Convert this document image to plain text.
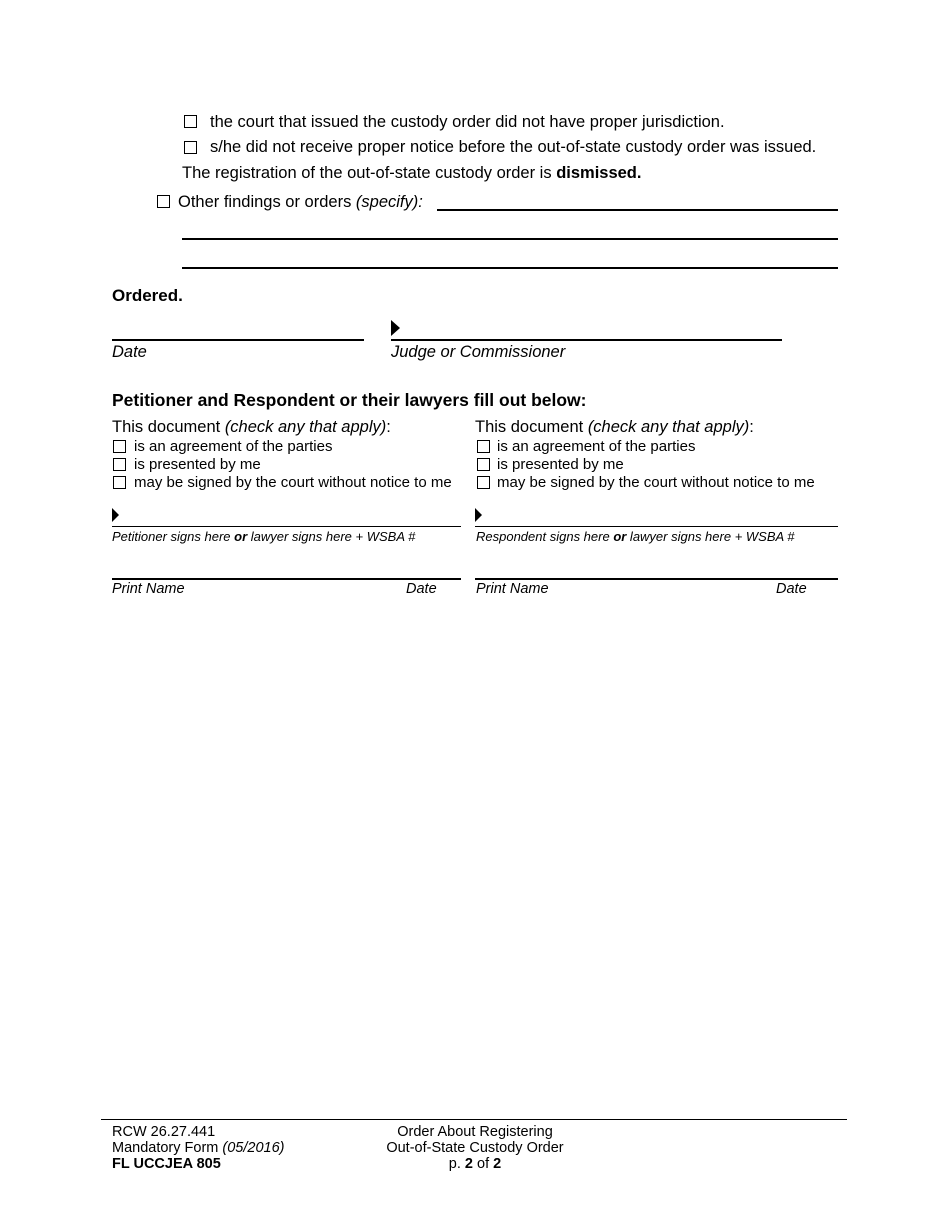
the court that issued the custody order did not have proper jurisdiction.
s/he did not receive proper notice before the out-of-state custody order was issued.
The registration of the out-of-state custody order is dismissed.
Other findings or orders (specify):
Ordered.
Date	Judge or Commissioner
Petitioner and Respondent or their lawyers fill out below:
This document (check any that apply):
is an agreement of the parties
is presented by me
may be signed by the court without notice to me
Petitioner signs here or lawyer signs here + WSBA #
Print Name	Date
This document (check any that apply):
is an agreement of the parties
is presented by me
may be signed by the court without notice to me
Respondent signs here or lawyer signs here + WSBA #
Print Name	Date
RCW 26.27.441
Mandatory Form (05/2016)
FL UCCJEA 805
Order About Registering
Out-of-State Custody Order
p. 2 of 2
